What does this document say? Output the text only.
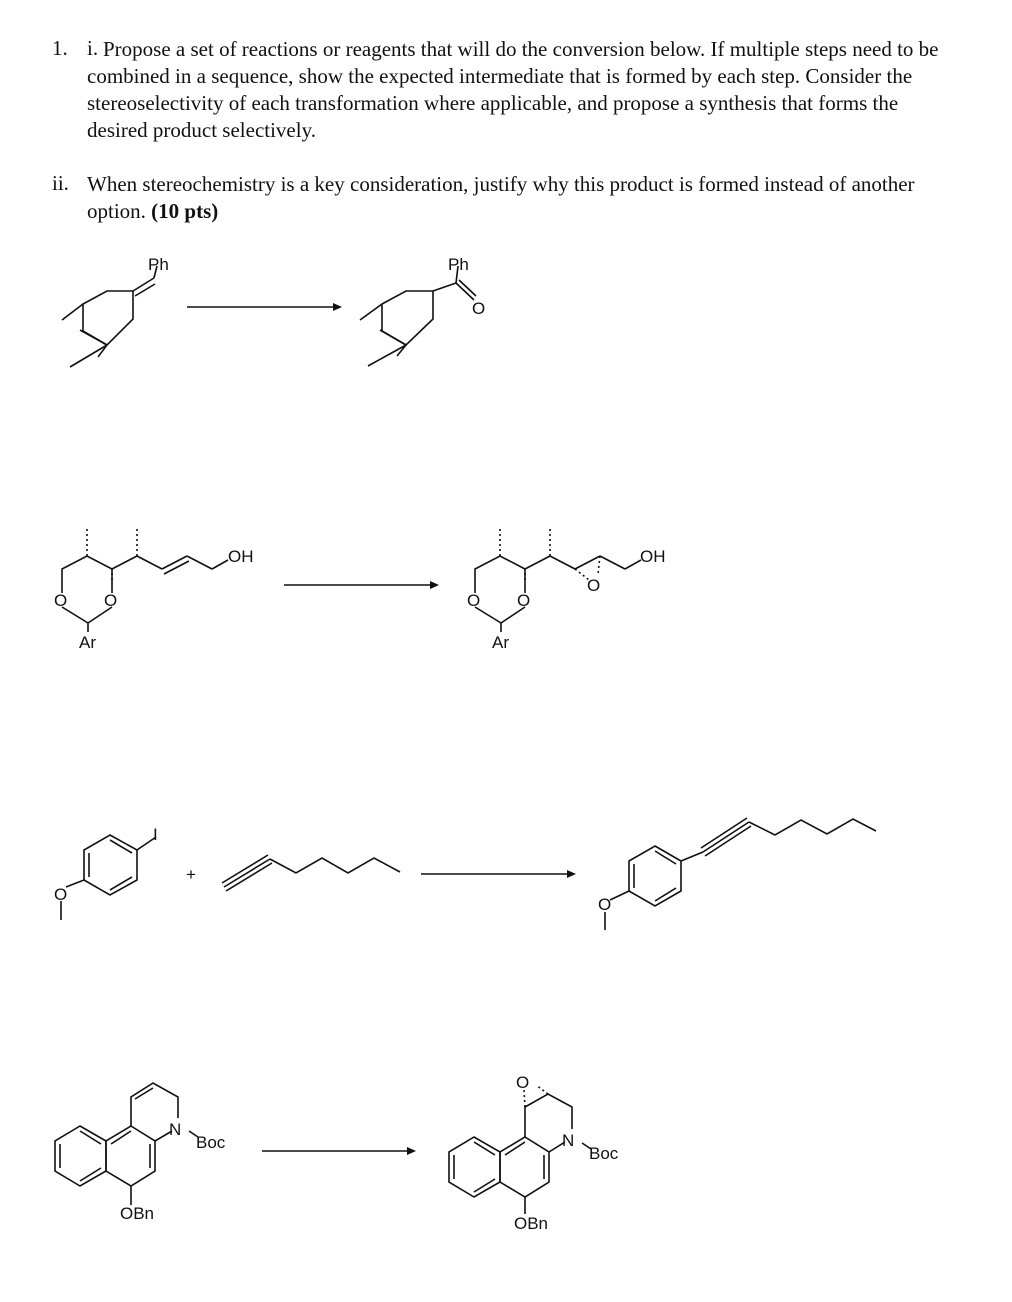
1. i. Propose a set of reactions or reagents that will do the conversion below. If multiple steps need to be combined in a sequence, show the expected intermediate that is formed by each step. Consider the stereoselectivity of each transformation where applicable, and propose a synthesis that forms the desired product selectively.
ii. When stereochemistry is a key consideration, justify why this product is formed instead of another option. (10 pts)
Ph	Ph
O
O O
Ar
OH
O O
Ar
O
OH
I
O
+
O
N
Boc
OBn
O
N
Boc
OBn
